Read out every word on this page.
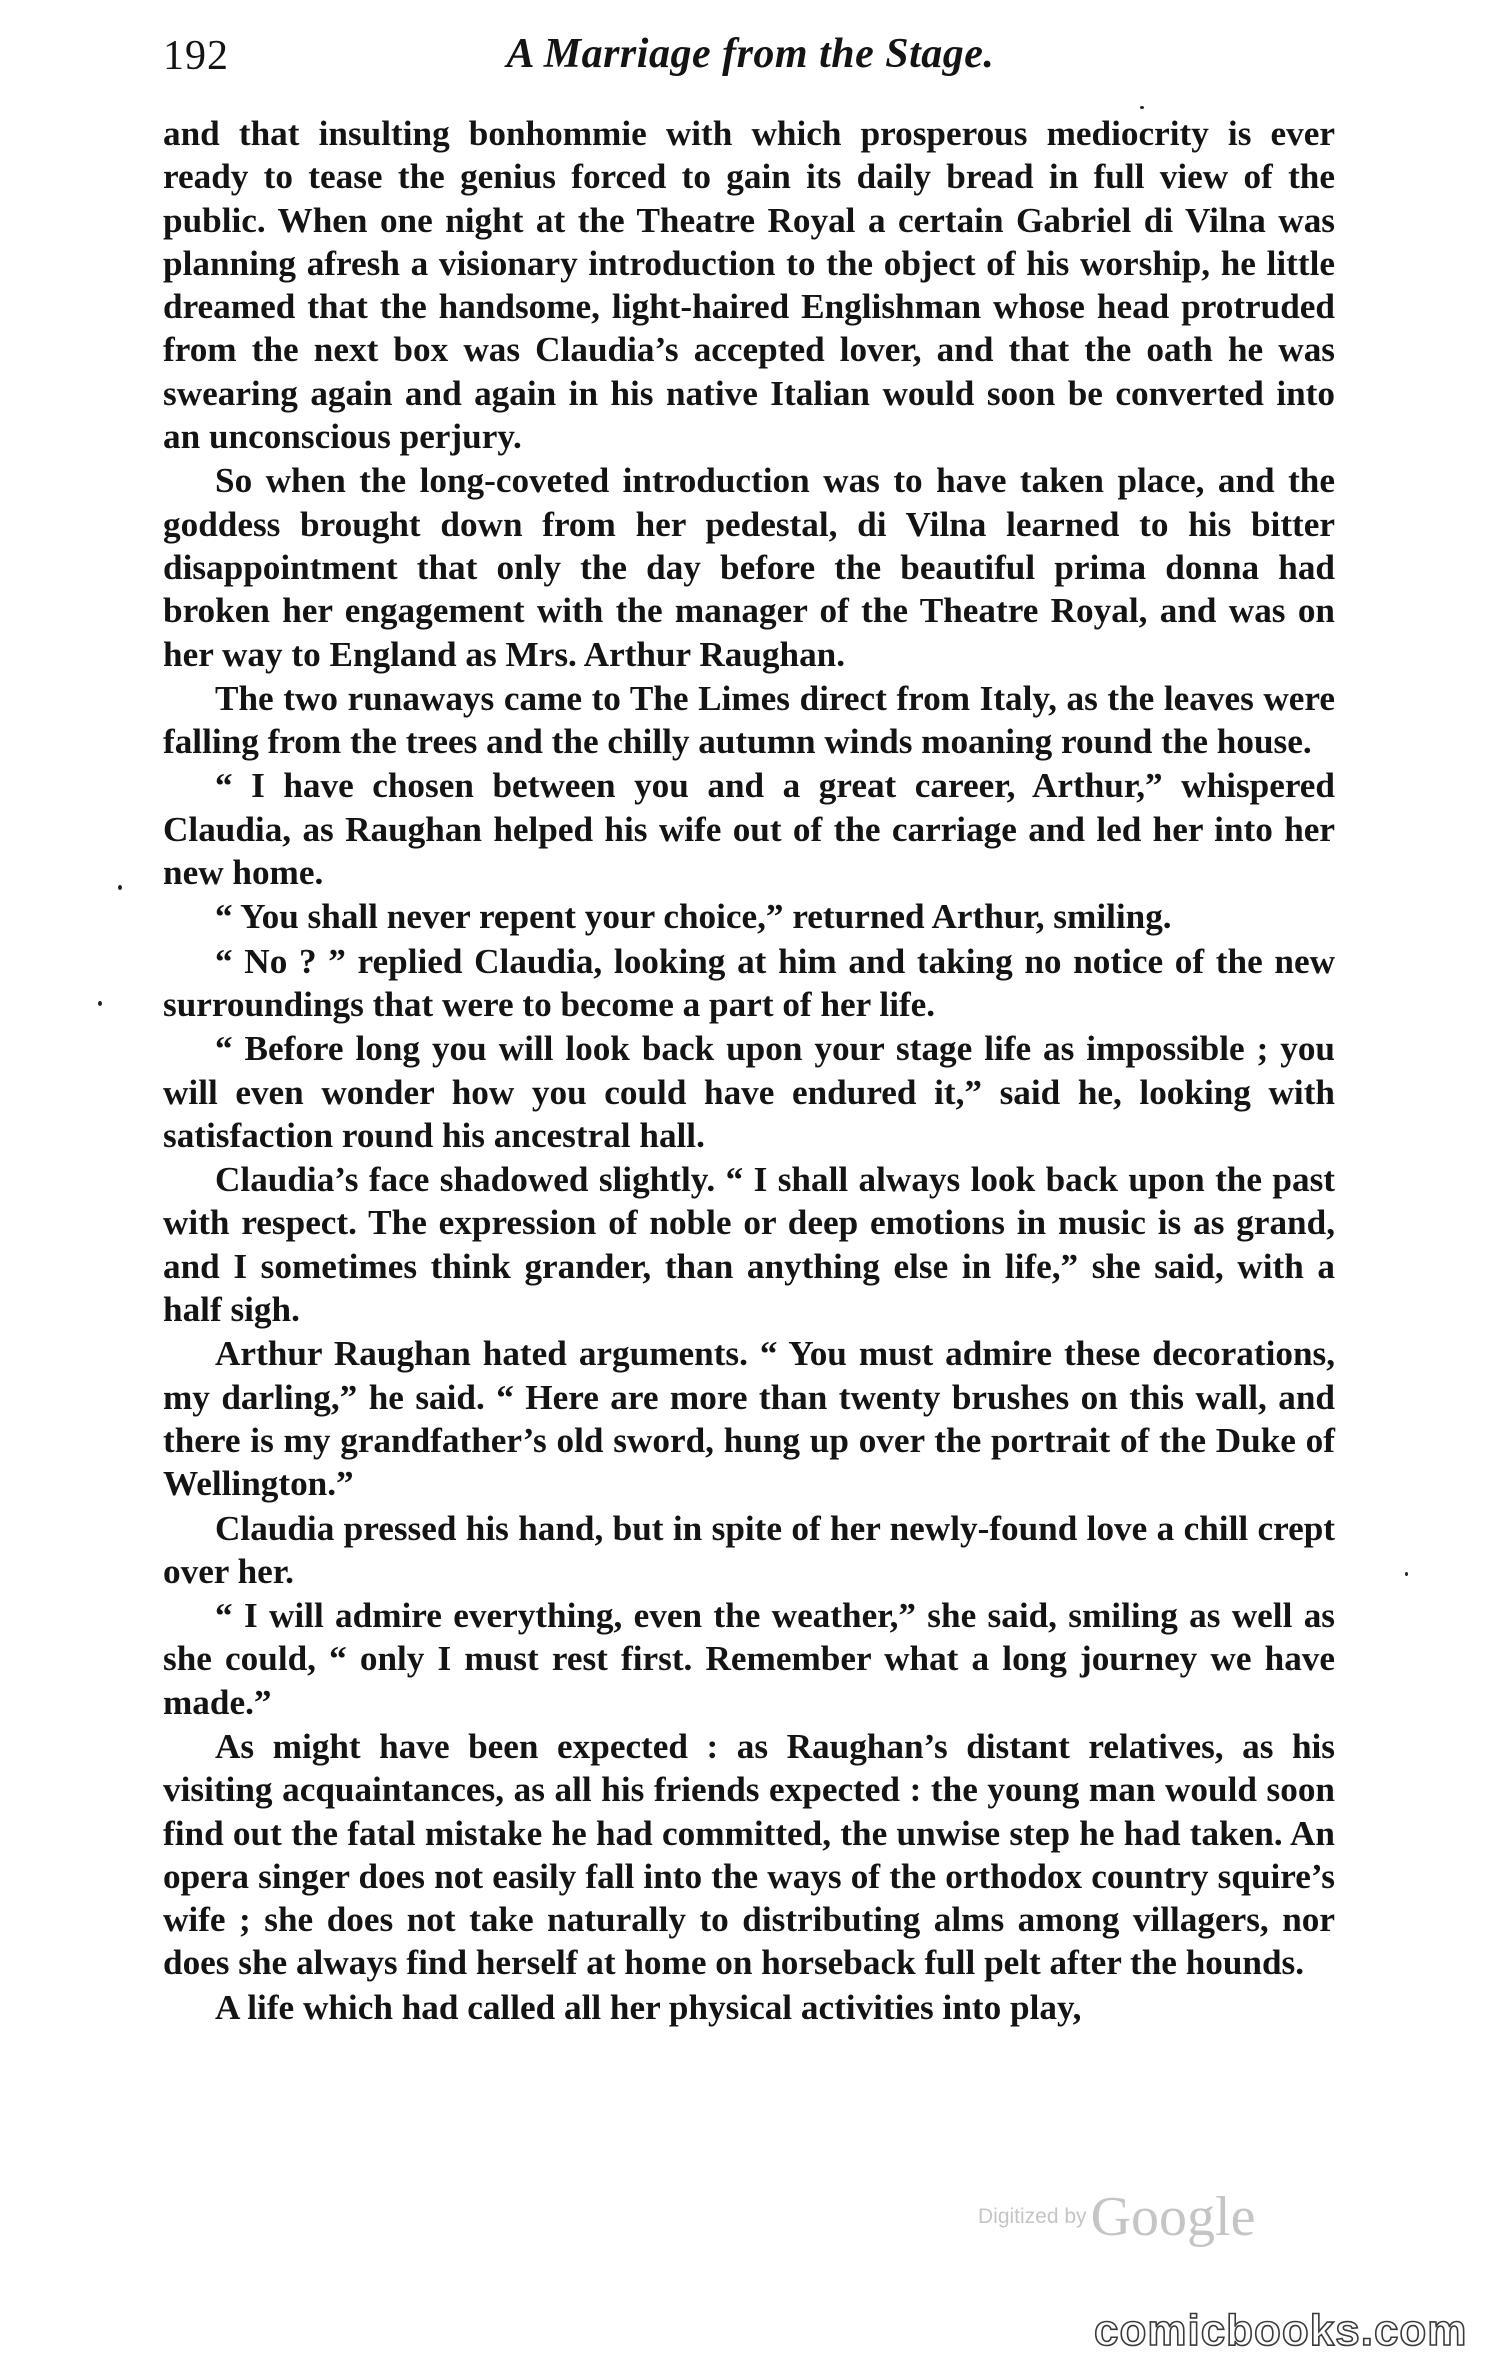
192	A Marriage from the Stage.

and that insulting bonhommie with which prosperous mediocrity is ever ready to tease the genius forced to gain its daily bread in full view of the public. When one night at the Theatre Royal a certain Gabriel di Vilna was planning afresh a visionary introduction to the object of his worship, he little dreamed that the handsome, light-haired Englishman whose head protruded from the next box was Claudia’s accepted lover, and that the oath he was swearing again and again in his native Italian would soon be converted into an unconscious perjury.

So when the long-coveted introduction was to have taken place, and the goddess brought down from her pedestal, di Vilna learned to his bitter disappointment that only the day before the beautiful prima donna had broken her engagement with the manager of the Theatre Royal, and was on her way to England as Mrs. Arthur Raughan.

The two runaways came to The Limes direct from Italy, as the leaves were falling from the trees and the chilly autumn winds moaning round the house.

“ I have chosen between you and a great career, Arthur,” whispered Claudia, as Raughan helped his wife out of the carriage and led her into her new home.

“ You shall never repent your choice,” returned Arthur, smiling.

“ No ? ” replied Claudia, looking at him and taking no notice of the new surroundings that were to become a part of her life.

“ Before long you will look back upon your stage life as impossible ; you will even wonder how you could have endured it,” said he, looking with satisfaction round his ancestral hall.

Claudia’s face shadowed slightly. “ I shall always look back upon the past with respect. The expression of noble or deep emotions in music is as grand, and I sometimes think grander, than anything else in life,” she said, with a half sigh.

Arthur Raughan hated arguments. “ You must admire these decorations, my darling,” he said. “ Here are more than twenty brushes on this wall, and there is my grandfather’s old sword, hung up over the portrait of the Duke of Wellington.”

Claudia pressed his hand, but in spite of her newly-found love a chill crept over her.

“ I will admire everything, even the weather,” she said, smiling as well as she could, “ only I must rest first. Remember what a long journey we have made.”

As might have been expected : as Raughan’s distant relatives, as his visiting acquaintances, as all his friends expected : the young man would soon find out the fatal mistake he had committed, the unwise step he had taken. An opera singer does not easily fall into the ways of the orthodox country squire’s wife ; she does not take naturally to distributing alms among villagers, nor does she always find herself at home on horseback full pelt after the hounds.

A life which had called all her physical activities into play,

Digitized byGoogle
comicbooks.com
